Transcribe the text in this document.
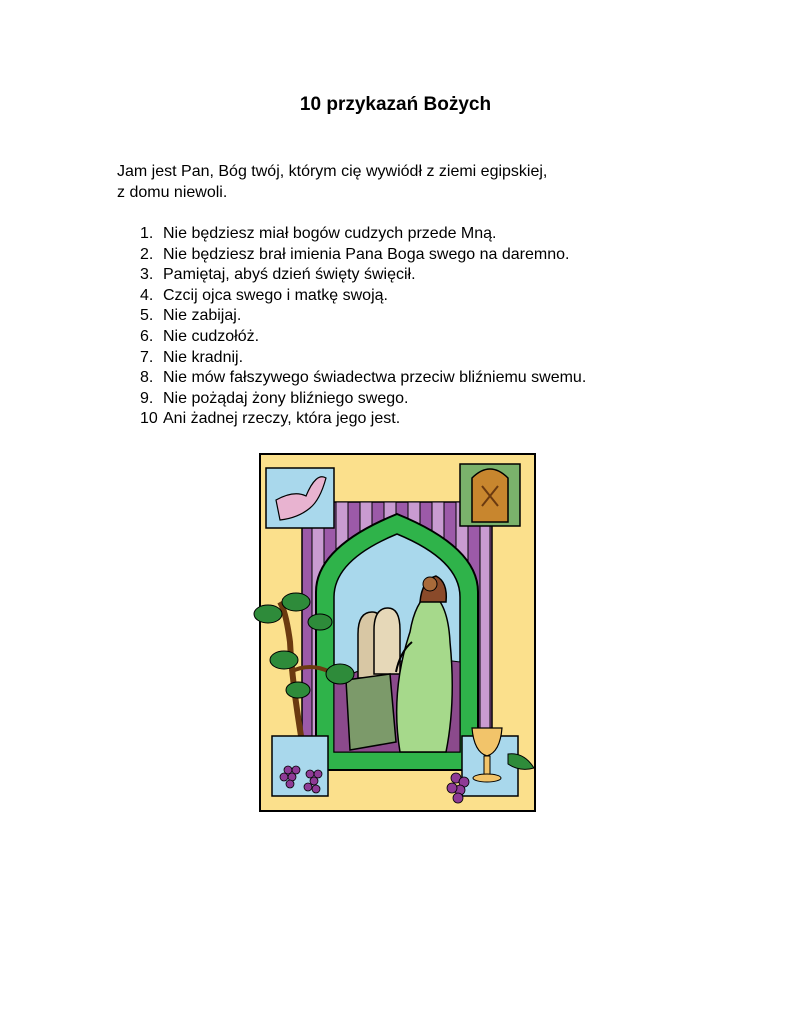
10 przykazań Bożych
Jam jest Pan, Bóg twój, którym cię wywiódł z ziemi egipskiej,
z domu niewoli.
1. Nie będziesz miał bogów cudzych przede Mną.
2. Nie będziesz brał imienia Pana Boga swego na daremno.
3. Pamiętaj, abyś dzień święty święcił.
4. Czcij ojca swego i matkę swoją.
5. Nie zabijaj.
6. Nie cudzołóż.
7. Nie kradnij.
8. Nie mów fałszywego świadectwa przeciw bliźniemu swemu.
9. Nie pożądaj żony bliźniego swego.
10 Ani żadnej rzeczy, która jego jest.
